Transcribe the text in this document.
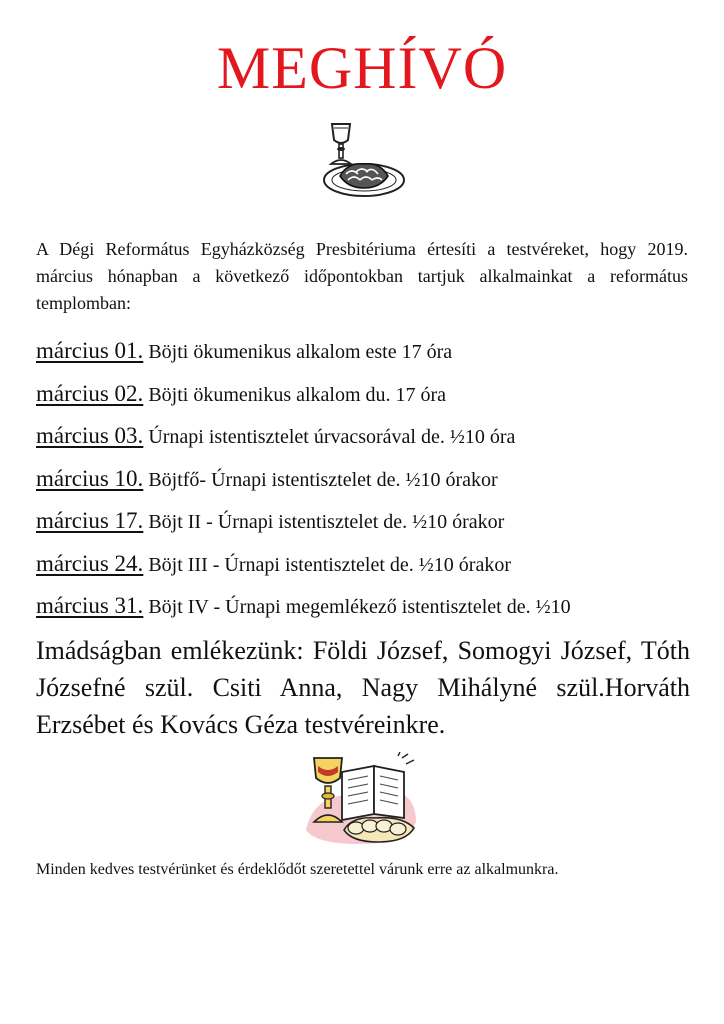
MEGHÍVÓ
A Dégi Református Egyházközség Presbitériuma értesíti a testvéreket, hogy 2019. március hónapban a következő időpontokban tartjuk alkalmainkat a református templomban:
március 01. Böjti ökumenikus alkalom este 17 óra
március 02. Böjti ökumenikus alkalom du. 17 óra
március 03. Úrnapi istentisztelet úrvacsorával de. ½10 óra
március 10. Böjtfő- Úrnapi istentisztelet de. ½10 órakor
március 17. Böjt II - Úrnapi istentisztelet de. ½10 órakor
március 24. Böjt III - Úrnapi istentisztelet de. ½10 órakor
március 31. Böjt IV - Úrnapi megemlékező istentisztelet de. ½10
Imádságban emlékezünk: Földi József, Somogyi József, Tóth Józsefné szül. Csiti Anna, Nagy Mihályné szül.Horváth Erzsébet és Kovács Géza testvéreinkre.
Minden kedves testvérünket és érdeklődőt szeretettel várunk erre az alkalmunkra.
